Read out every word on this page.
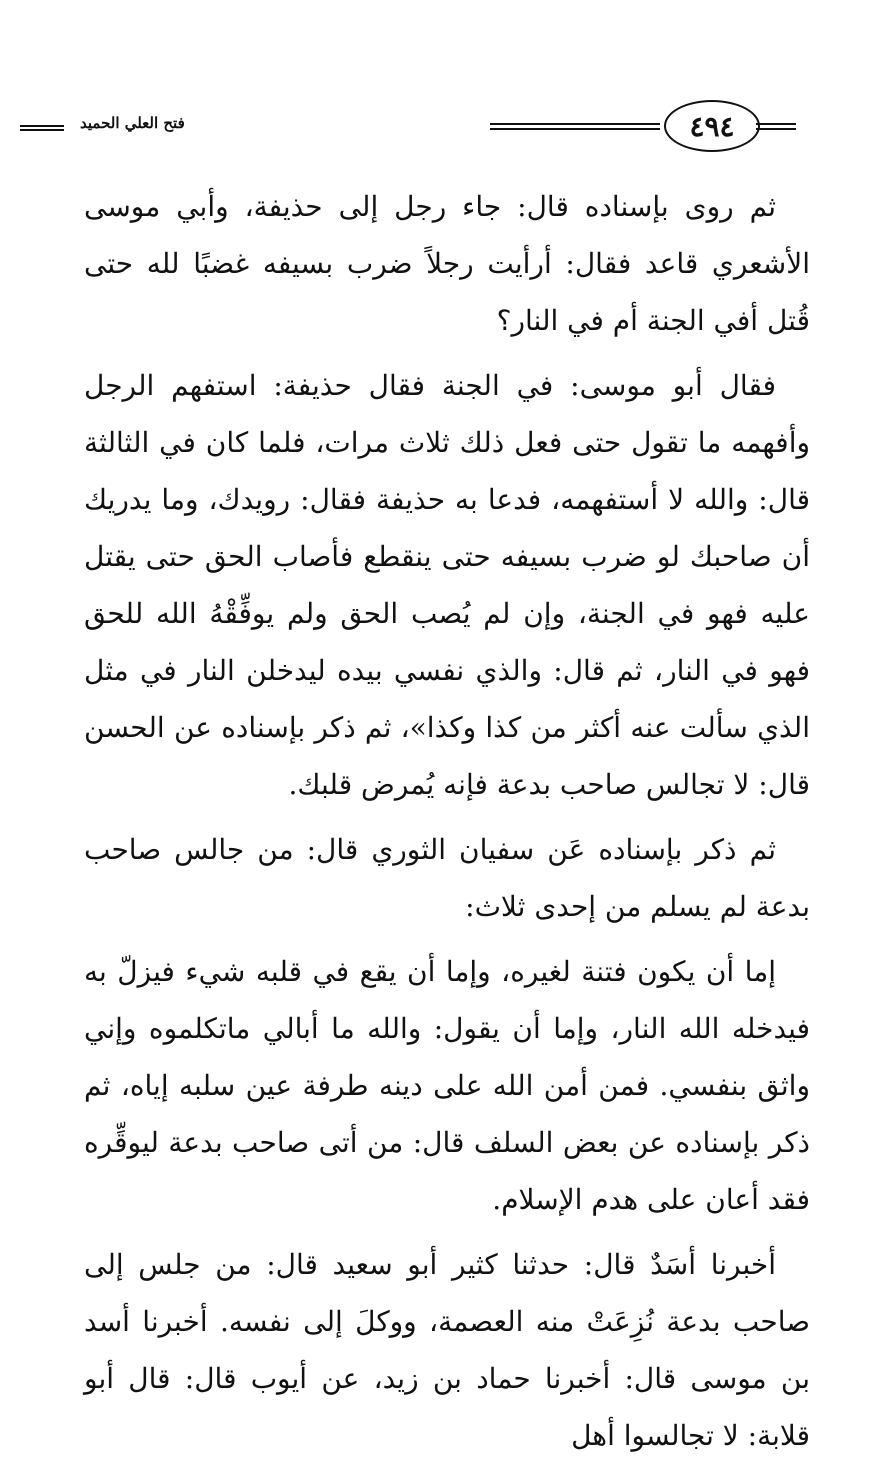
فتح العلي الحميد	٤٩٤

ثم روى بإسناده قال: جاء رجل إلى حذيفة، وأبي موسى الأشعري قاعد فقال: أرأيت رجلاً ضرب بسيفه غضبًا لله حتى قُتل أفي الجنة أم في النار؟

فقال أبو موسى: في الجنة فقال حذيفة: استفهم الرجل وأفهمه ما تقول حتى فعل ذلك ثلاث مرات، فلما كان في الثالثة قال: والله لا أستفهمه، فدعا به حذيفة فقال: رويدك، وما يدريك أن صاحبك لو ضرب بسيفه حتى ينقطع فأصاب الحق حتى يقتل عليه فهو في الجنة، وإن لم يُصب الحق ولم يوفِّقْهُ الله للحق فهو في النار، ثم قال: والذي نفسي بيده ليدخلن النار في مثل الذي سألت عنه أكثر من كذا وكذا»، ثم ذكر بإسناده عن الحسن قال: لا تجالس صاحب بدعة فإنه يُمرض قلبك.

ثم ذكر بإسناده عَن سفيان الثوري قال: من جالس صاحب بدعة لم يسلم من إحدى ثلاث:

إما أن يكون فتنة لغيره، وإما أن يقع في قلبه شيء فيزلّ به فيدخله الله النار، وإما أن يقول: والله ما أبالي ماتكلموه وإني واثق بنفسي. فمن أمن الله على دينه طرفة عين سلبه إياه، ثم ذكر بإسناده عن بعض السلف قال: من أتى صاحب بدعة ليوقِّره فقد أعان على هدم الإسلام.

أخبرنا أسَدٌ قال: حدثنا كثير أبو سعيد قال: من جلس إلى صاحب بدعة نُزِعَتْ منه العصمة، ووكلَ إلى نفسه. أخبرنا أسد بن موسى قال: أخبرنا حماد بن زيد، عن أيوب قال: قال أبو قلابة: لا تجالسوا أهل
